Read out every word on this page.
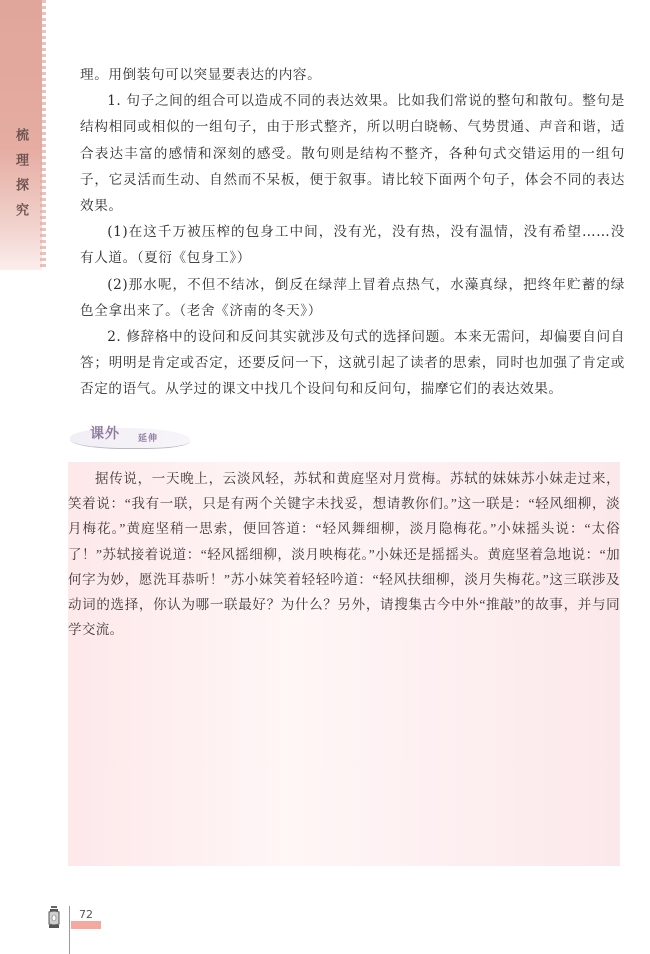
梳理探究

理。用倒装句可以突显要表达的内容。

1. 句子之间的组合可以造成不同的表达效果。比如我们常说的整句和散句。整句是结构相同或相似的一组句子，由于形式整齐，所以明白晓畅、气势贯通、声音和谐，适合表达丰富的感情和深刻的感受。散句则是结构不整齐，各种句式交错运用的一组句子，它灵活而生动、自然而不呆板，便于叙事。请比较下面两个句子，体会不同的表达效果。

(1)在这千万被压榨的包身工中间，没有光，没有热，没有温情，没有希望……没有人道。（夏衍《包身工》）

(2)那水呢，不但不结冰，倒反在绿萍上冒着点热气，水藻真绿，把终年贮蓄的绿色全拿出来了。（老舍《济南的冬天》）

2. 修辞格中的设问和反问其实就涉及句式的选择问题。本来无需问，却偏要自问自答；明明是肯定或否定，还要反问一下，这就引起了读者的思索，同时也加强了肯定或否定的语气。从学过的课文中找几个设问句和反问句，揣摩它们的表达效果。

课外 延伸

据传说，一天晚上，云淡风轻，苏轼和黄庭坚对月赏梅。苏轼的妹妹苏小妹走过来，笑着说：“我有一联，只是有两个关键字未找妥，想请教你们。”这一联是：“轻风细柳，淡月梅花。”黄庭坚稍一思索，便回答道：“轻风舞细柳，淡月隐梅花。”小妹摇头说：“太俗了！”苏轼接着说道：“轻风摇细柳，淡月映梅花。”小妹还是摇摇头。黄庭坚着急地说：“加何字为妙，愿洗耳恭听！”苏小妹笑着轻轻吟道：“轻风扶细柳，淡月失梅花。”这三联涉及动词的选择，你认为哪一联最好？为什么？另外，请搜集古今中外“推敲”的故事，并与同学交流。

72
